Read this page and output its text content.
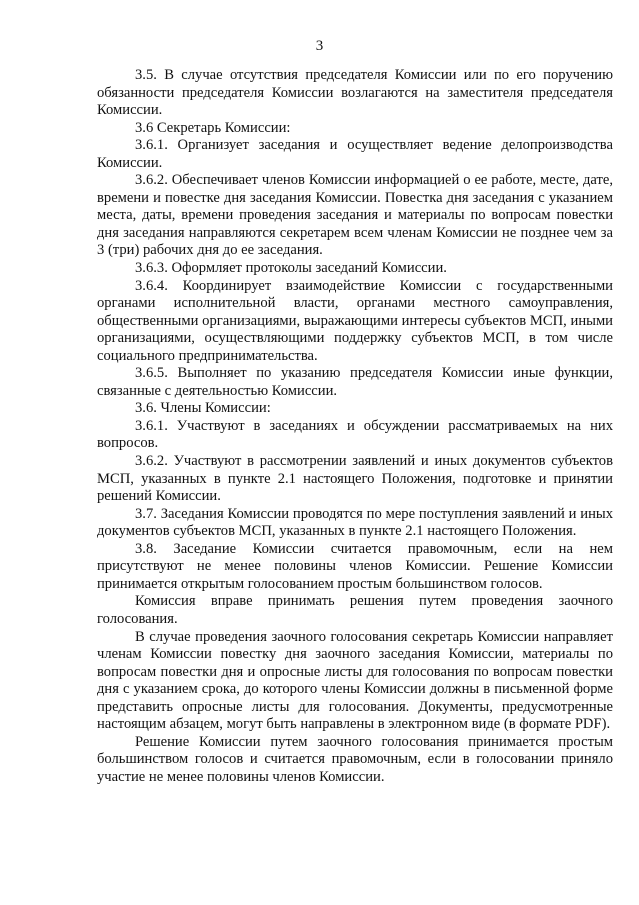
3

3.5. В случае отсутствия председателя Комиссии или по его поручению обязанности председателя Комиссии возлагаются на заместителя председателя Комиссии.

3.6 Секретарь Комиссии:

3.6.1. Организует заседания и осуществляет ведение делопроизводства Комиссии.

3.6.2. Обеспечивает членов Комиссии информацией о ее работе, месте, дате, времени и повестке дня заседания Комиссии. Повестка дня заседания с указанием места, даты, времени проведения заседания и материалы по вопросам повестки дня заседания направляются секретарем всем членам Комиссии не позднее чем за 3 (три) рабочих дня до ее заседания.

3.6.3. Оформляет протоколы заседаний Комиссии.

3.6.4. Координирует взаимодействие Комиссии с государственными органами исполнительной власти, органами местного самоуправления, общественными организациями, выражающими интересы субъектов МСП, иными организациями, осуществляющими поддержку субъектов МСП, в том числе социального предпринимательства.

3.6.5. Выполняет по указанию председателя Комиссии иные функции, связанные с деятельностью Комиссии.

3.6. Члены Комиссии:

3.6.1. Участвуют в заседаниях и обсуждении рассматриваемых на них вопросов.

3.6.2. Участвуют в рассмотрении заявлений и иных документов субъектов МСП, указанных в пункте 2.1 настоящего Положения, подготовке и принятии решений Комиссии.

3.7. Заседания Комиссии проводятся по мере поступления заявлений и иных документов субъектов МСП, указанных в пункте 2.1 настоящего Положения.

3.8. Заседание Комиссии считается правомочным, если на нем присутствуют не менее половины членов Комиссии. Решение Комиссии принимается открытым голосованием простым большинством голосов.

Комиссия вправе принимать решения путем проведения заочного голосования.

В случае проведения заочного голосования секретарь Комиссии направляет членам Комиссии повестку дня заочного заседания Комиссии, материалы по вопросам повестки дня и опросные листы для голосования по вопросам повестки дня с указанием срока, до которого члены Комиссии должны в письменной форме представить опросные листы для голосования. Документы, предусмотренные настоящим абзацем, могут быть направлены в электронном виде (в формате PDF).

Решение Комиссии путем заочного голосования принимается простым большинством голосов и считается правомочным, если в голосовании приняло участие не менее половины членов Комиссии.
